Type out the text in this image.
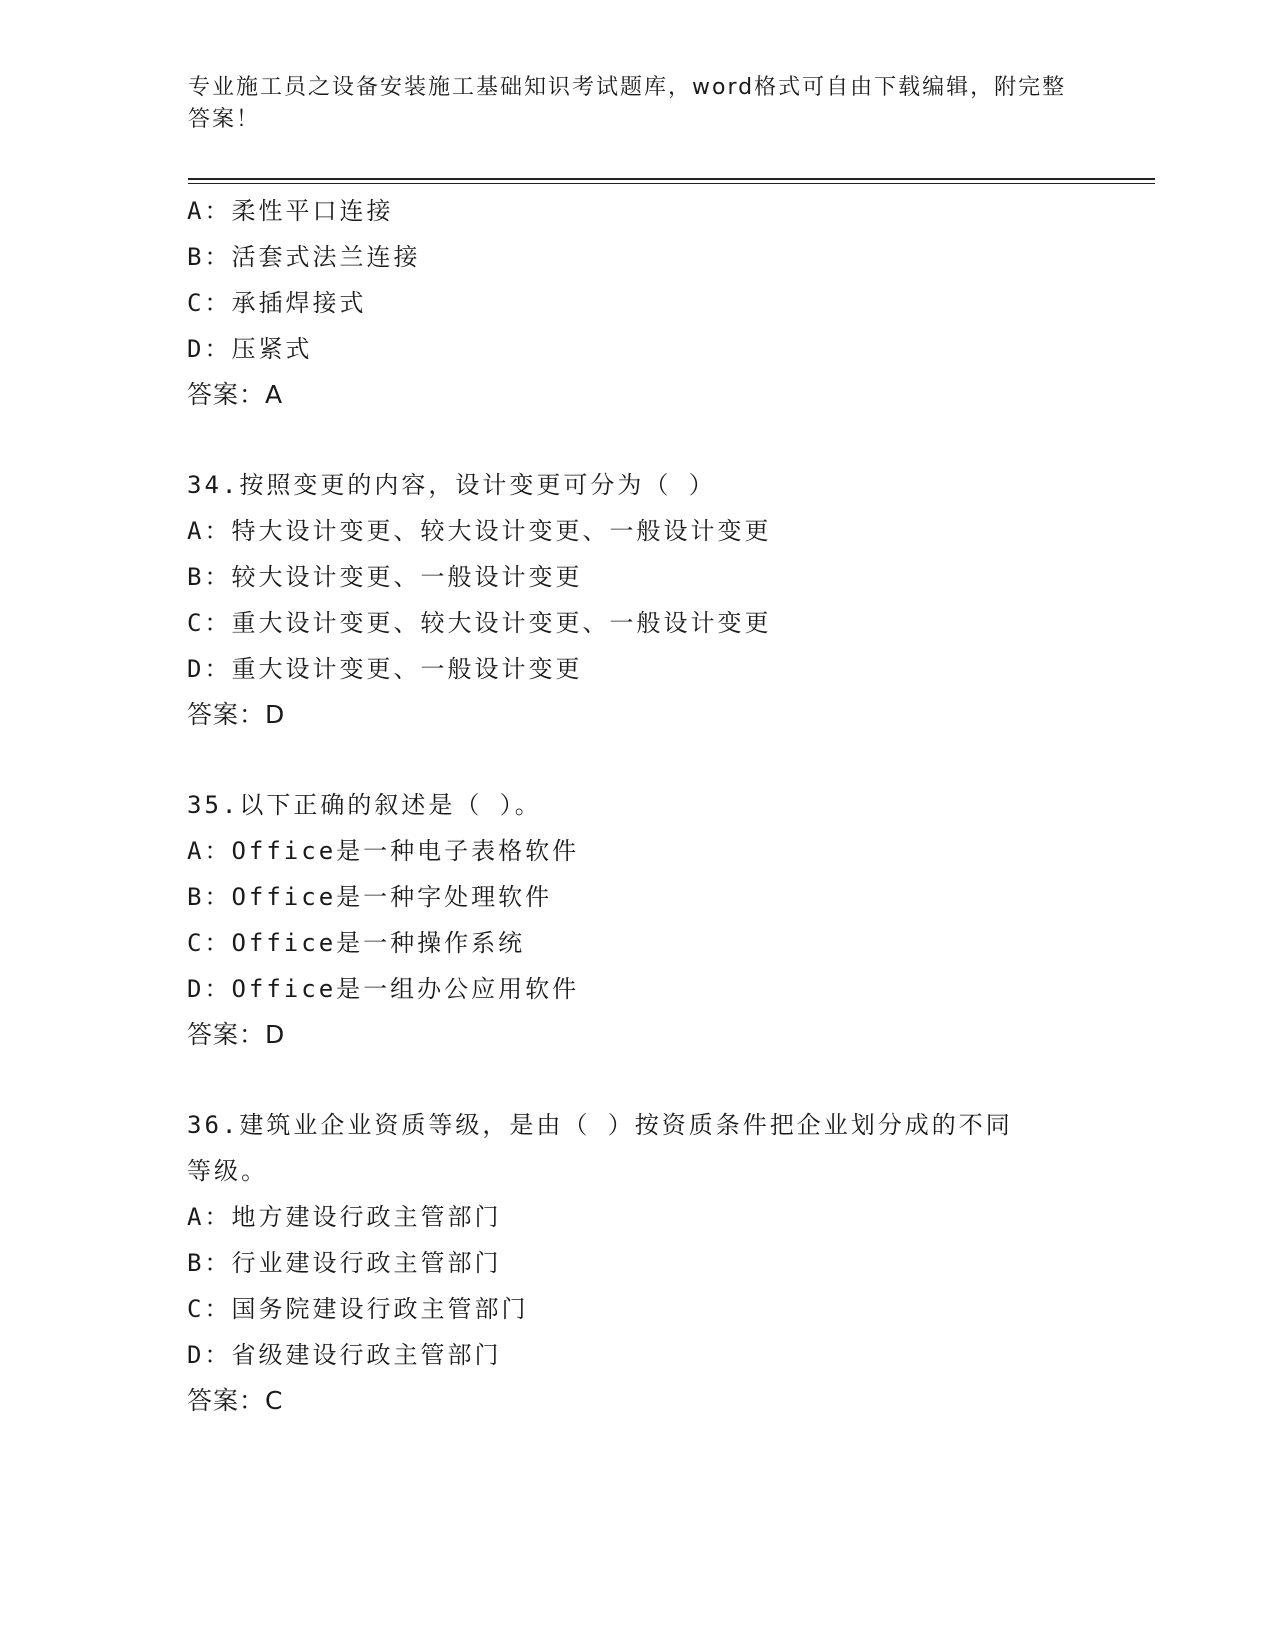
专业施工员之设备安装施工基础知识考试题库，word格式可自由下载编辑，附完整答案！
A：柔性平口连接
B：活套式法兰连接
C：承插焊接式
D：压紧式
答案：A
34.按照变更的内容，设计变更可分为（ ）
A：特大设计变更、较大设计变更、一般设计变更
B：较大设计变更、一般设计变更
C：重大设计变更、较大设计变更、一般设计变更
D：重大设计变更、一般设计变更
答案：D
35.以下正确的叙述是（ ）。
A：Office是一种电子表格软件
B：Office是一种字处理软件
C：Office是一种操作系统
D：Office是一组办公应用软件
答案：D
36.建筑业企业资质等级，是由（ ）按资质条件把企业划分成的不同等级。
A：地方建设行政主管部门
B：行业建设行政主管部门
C：国务院建设行政主管部门
D：省级建设行政主管部门
答案：C
